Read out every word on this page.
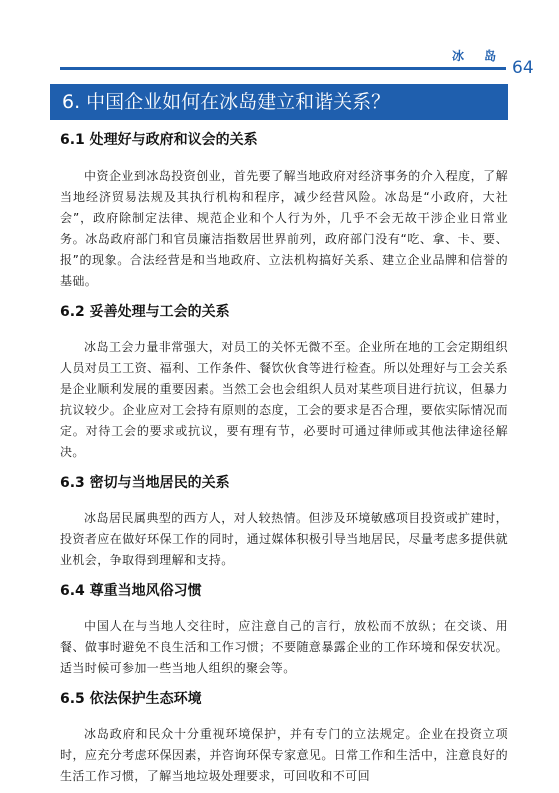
冰 岛
64
6. 中国企业如何在冰岛建立和谐关系？
6.1 处理好与政府和议会的关系

中资企业到冰岛投资创业，首先要了解当地政府对经济事务的介入程度，了解当地经济贸易法规及其执行机构和程序，减少经营风险。冰岛是“小政府，大社会”，政府除制定法律、规范企业和个人行为外，几乎不会无故干涉企业日常业务。冰岛政府部门和官员廉洁指数居世界前列，政府部门没有“吃、拿、卡、要、报”的现象。合法经营是和当地政府、立法机构搞好关系、建立企业品牌和信誉的基础。

6.2 妥善处理与工会的关系

冰岛工会力量非常强大，对员工的关怀无微不至。企业所在地的工会定期组织人员对员工工资、福利、工作条件、餐饮伙食等进行检查。所以处理好与工会关系是企业顺利发展的重要因素。当然工会也会组织人员对某些项目进行抗议，但暴力抗议较少。企业应对工会持有原则的态度，工会的要求是否合理，要依实际情况而定。对待工会的要求或抗议，要有理有节，必要时可通过律师或其他法律途径解决。

6.3 密切与当地居民的关系

冰岛居民属典型的西方人，对人较热情。但涉及环境敏感项目投资或扩建时，投资者应在做好环保工作的同时，通过媒体积极引导当地居民，尽量考虑多提供就业机会，争取得到理解和支持。

6.4 尊重当地风俗习惯

中国人在与当地人交往时，应注意自己的言行，放松而不放纵；在交谈、用餐、做事时避免不良生活和工作习惯；不要随意暴露企业的工作环境和保安状况。适当时候可参加一些当地人组织的聚会等。

6.5 依法保护生态环境

冰岛政府和民众十分重视环境保护，并有专门的立法规定。企业在投资立项时，应充分考虑环保因素，并咨询环保专家意见。日常工作和生活中，注意良好的生活工作习惯，了解当地垃圾处理要求，可回收和不可回
